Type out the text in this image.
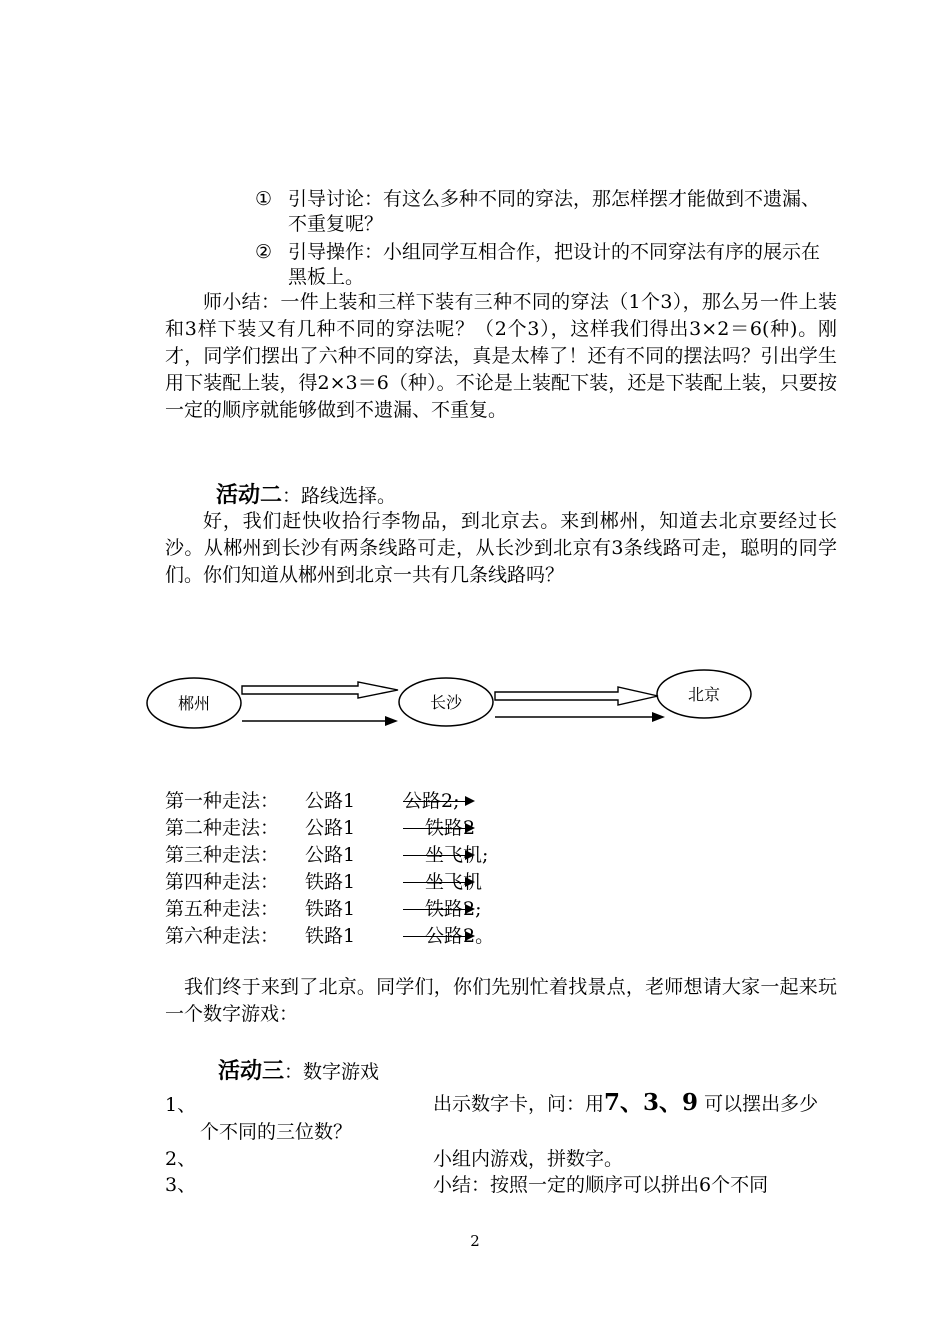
① 引导讨论：有这么多种不同的穿法，那怎样摆才能做到不遗漏、不重复呢？
② 引导操作：小组同学互相合作，把设计的不同穿法有序的展示在黑板上。
师小结：一件上装和三样下装有三种不同的穿法（1个3），那么另一件上装和3样下装又有几种不同的穿法呢？（2个3），这样我们得出3×2＝6(种)。刚才，同学们摆出了六种不同的穿法，真是太棒了！还有不同的摆法吗？引出学生用下装配上装，得2×3＝6（种）。不论是上装配下装，还是下装配上装，只要按一定的顺序就能够做到不遗漏、不重复。
活动二：路线选择。
好，我们赶快收拾行李物品，到北京去。来到郴州，知道去北京要经过长沙。从郴州到长沙有两条线路可走，从长沙到北京有3条线路可走，聪明的同学们。你们知道从郴州到北京一共有几条线路吗？
郴州	长沙	北京
第一种走法： 公路1	公路2;
第二种走法： 公路1	铁路2
第三种走法： 公路1	坐飞机;
第四种走法： 铁路1	坐飞机
第五种走法： 铁路1	铁路2;
第六种走法： 铁路1	公路2。
我们终于来到了北京。同学们，你们先别忙着找景点，老师想请大家一起来玩一个数字游戏：
活动三：数字游戏
1、	出示数字卡，问：用7、3、9 可以摆出多少
个不同的三位数？
2、	小组内游戏，拼数字。
3、	小结：按照一定的顺序可以拼出6个不同
2
